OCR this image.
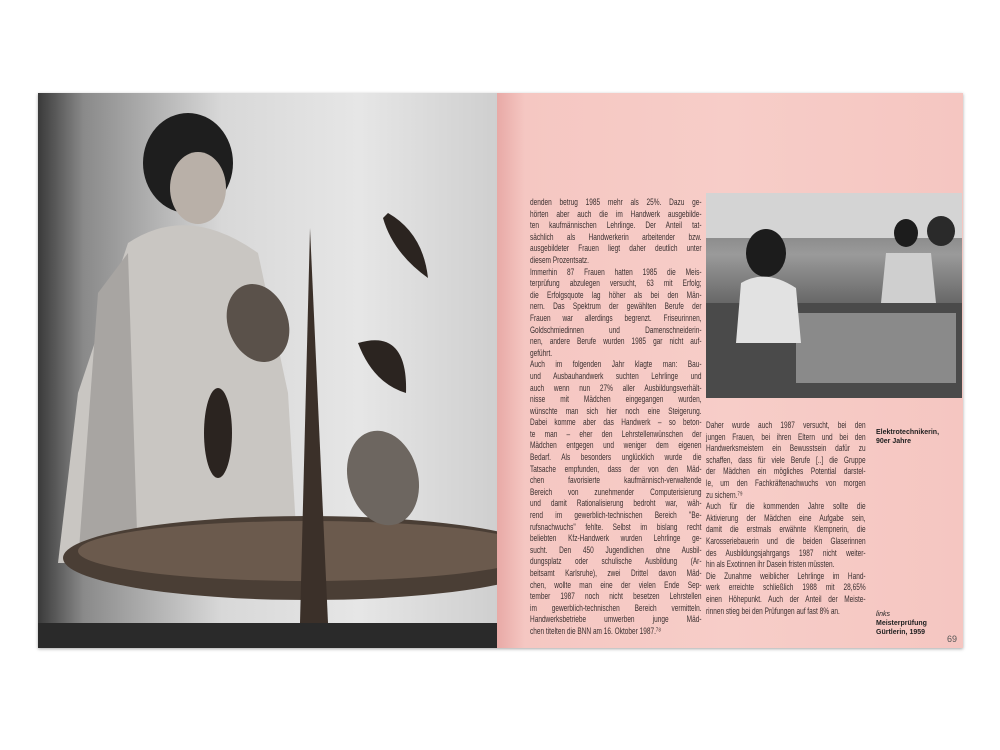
denden betrug 1985 mehr als 25%. Dazu ge-
hörten aber auch die im Handwerk ausgebilde-
ten kaufmännischen Lehrlinge. Der Anteil tat-
sächlich als Handwerkerin arbeitender bzw.
ausgebildeter Frauen liegt daher deutlich unter
diesem Prozentsatz.
Immerhin 87 Frauen hatten 1985 die Meis-
terprüfung abzulegen versucht, 63 mit Erfolg;
die Erfolgsquote lag höher als bei den Män-
nern. Das Spektrum der gewählten Berufe der
Frauen war allerdings begrenzt. Friseurinnen,
Goldschmiedinnen und Damenschneiderin-
nen, andere Berufe wurden 1985 gar nicht auf-
geführt.
Auch im folgenden Jahr klagte man: Bau-
und Ausbauhandwerk suchten Lehrlinge und
auch wenn nun 27% aller Ausbildungsverhält-
nisse mit Mädchen eingegangen wurden,
wünschte man sich hier noch eine Steigerung.
Dabei komme aber das Handwerk – so beton-
te man – eher den Lehrstellenwünschen der
Mädchen entgegen und weniger dem eigenen
Bedarf. Als besonders unglücklich wurde die
Tatsache empfunden, dass der von den Mäd-
chen favorisierte kaufmännisch-verwaltende
Bereich von zunehmender Computerisierung
und damit Rationalisierung bedroht war, wäh-
rend im gewerblich-technischen Bereich "Be-
rufsnachwuchs" fehlte. Selbst im bislang recht
beliebten Kfz-Handwerk wurden Lehrlinge ge-
sucht. Den 450 Jugendlichen ohne Ausbil-
dungsplatz oder schulische Ausbildung (Ar-
beitsamt Karlsruhe), zwei Drittel davon Mäd-
chen, wollte man eine der vielen Ende Sep-
tember 1987 noch nicht besetzen Lehrstellen
im gewerblich-technischen Bereich vermitteln.
Handwerksbetriebe umwerben junge Mäd-
chen titelten die BNN am 16. Oktober 1987.⁷⁸
Daher wurde auch 1987 versucht, bei den
jungen Frauen, bei ihren Eltern und bei den
Handwerksmeistern ein Bewusstsein dafür zu
schaffen, dass für viele Berufe [..] die Gruppe
der Mädchen ein mögliches Potential darstel-
le, um den Fachkräftenachwuchs von morgen
zu sichern.⁷⁹
Auch für die kommenden Jahre sollte die
Aktivierung der Mädchen eine Aufgabe sein,
damit die erstmals erwähnte Klempnerin, die
Karosseriebauerin und die beiden Glaserinnen
des Ausbildungsjahrgangs 1987 nicht weiter-
hin als Exotinnen ihr Dasein fristen müssten.
Die Zunahme weiblicher Lehrlinge im Hand-
werk erreichte schließlich 1988 mit 28,65%
einen Höhepunkt. Auch der Anteil der Meiste-
rinnen stieg bei den Prüfungen auf fast 8% an.
Elektrotechnikerin,
90er Jahre
links
Meisterprüfung
Gürtlerin, 1959
69
